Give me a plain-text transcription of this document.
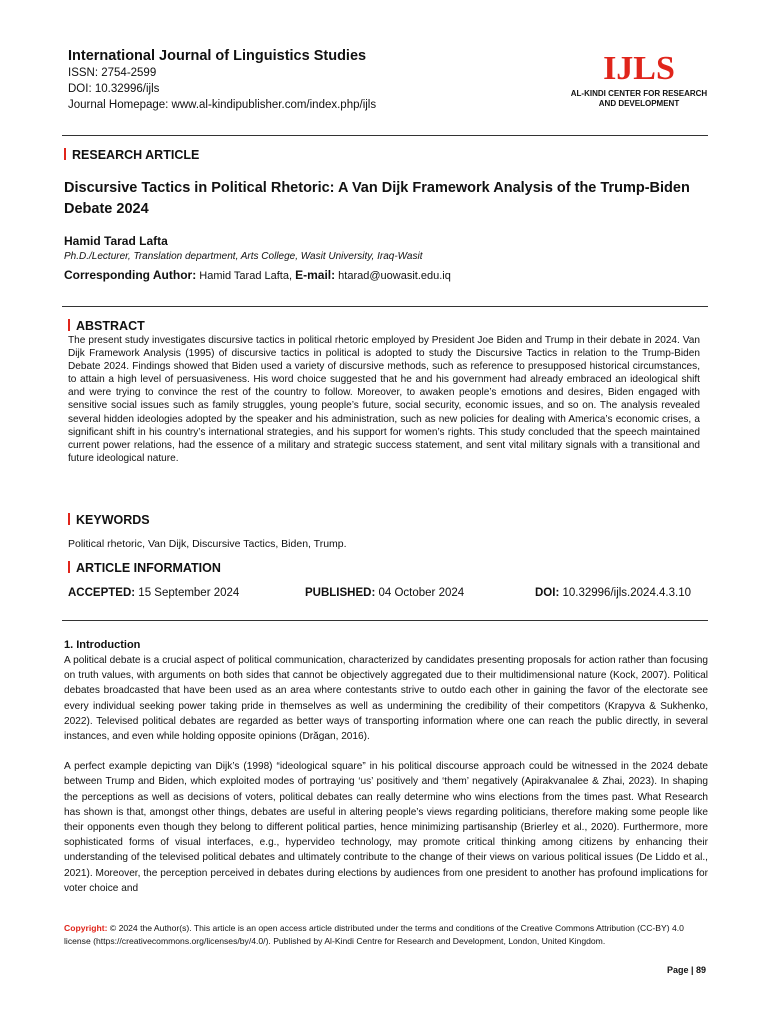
International Journal of Linguistics Studies
ISSN: 2754-2599
DOI: 10.32996/ijls
Journal Homepage: www.al-kindipublisher.com/index.php/ijls
IJLS
AL-KINDI CENTER FOR RESEARCH
AND DEVELOPMENT
RESEARCH ARTICLE
Discursive Tactics in Political Rhetoric: A Van Dijk Framework Analysis of the Trump-Biden Debate 2024
Hamid Tarad Lafta
Ph.D./Lecturer, Translation department, Arts College, Wasit University, Iraq-Wasit
Corresponding Author: Hamid Tarad Lafta, E-mail: htarad@uowasit.edu.iq
ABSTRACT
The present study investigates discursive tactics in political rhetoric employed by President Joe Biden and Trump in their debate in 2024. Van Dijk Framework Analysis (1995) of discursive tactics in political is adopted to study the Discursive Tactics in relation to the Trump-Biden Debate 2024. Findings showed that Biden used a variety of discursive methods, such as reference to presupposed historical circumstances, to attain a high level of persuasiveness. His word choice suggested that he and his government had already embraced an ideological shift and were trying to convince the rest of the country to follow. Moreover, to awaken people’s emotions and desires, Biden engaged with sensitive social issues such as family struggles, young people’s future, social security, economic issues, and so on. The analysis revealed several hidden ideologies adopted by the speaker and his administration, such as new policies for dealing with America’s economic crises, a significant shift in his country’s international strategies, and his support for women’s rights. This study concluded that the speech maintained current power relations, had the essence of a military and strategic success statement, and sent vital military signals with a transitional and future ideological nature.
KEYWORDS
Political rhetoric, Van Dijk, Discursive Tactics, Biden, Trump.
ARTICLE INFORMATION
ACCEPTED: 15 September 2024	PUBLISHED: 04 October 2024	DOI: 10.32996/ijls.2024.4.3.10
1. Introduction

A political debate is a crucial aspect of political communication, characterized by candidates presenting proposals for action rather than focusing on truth values, with arguments on both sides that cannot be objectively aggregated due to their multidimensional nature (Kock, 2007). Political debates broadcasted that have been used as an area where contestants strive to outdo each other in gaining the favor of the electorate see every individual seeking power taking pride in themselves as well as undermining the credibility of their competitors (Krapyva & Sukhenko, 2022). Televised political debates are regarded as better ways of transporting information where one can reach the public directly, in several instances, and even while holding opposite opinions (Drăgan, 2016).

A perfect example depicting van Dijk’s (1998) “ideological square” in his political discourse approach could be witnessed in the 2024 debate between Trump and Biden, which exploited modes of portraying ‘us’ positively and ‘them’ negatively (Apirakvanalee & Zhai, 2023). In shaping the perceptions as well as decisions of voters, political debates can really determine who wins elections from the times past. What Research has shown is that, amongst other things, debates are useful in altering people’s views regarding politicians, therefore making some people like their opponents even though they belong to different political parties, hence minimizing partisanship (Brierley et al., 2020). Furthermore, more sophisticated forms of visual interfaces, e.g., hypervideo technology, may promote critical thinking among citizens by enhancing their understanding of the televised political debates and ultimately contribute to the change of their views on various political issues (De Liddo et al., 2021). Moreover, the perception perceived in debates during elections by audiences from one president to another has profound implications for voter choice and

Copyright: © 2024 the Author(s). This article is an open access article distributed under the terms and conditions of the Creative Commons Attribution (CC-BY) 4.0 license (https://creativecommons.org/licenses/by/4.0/). Published by Al-Kindi Centre for Research and Development, London, United Kingdom.
Page | 89
